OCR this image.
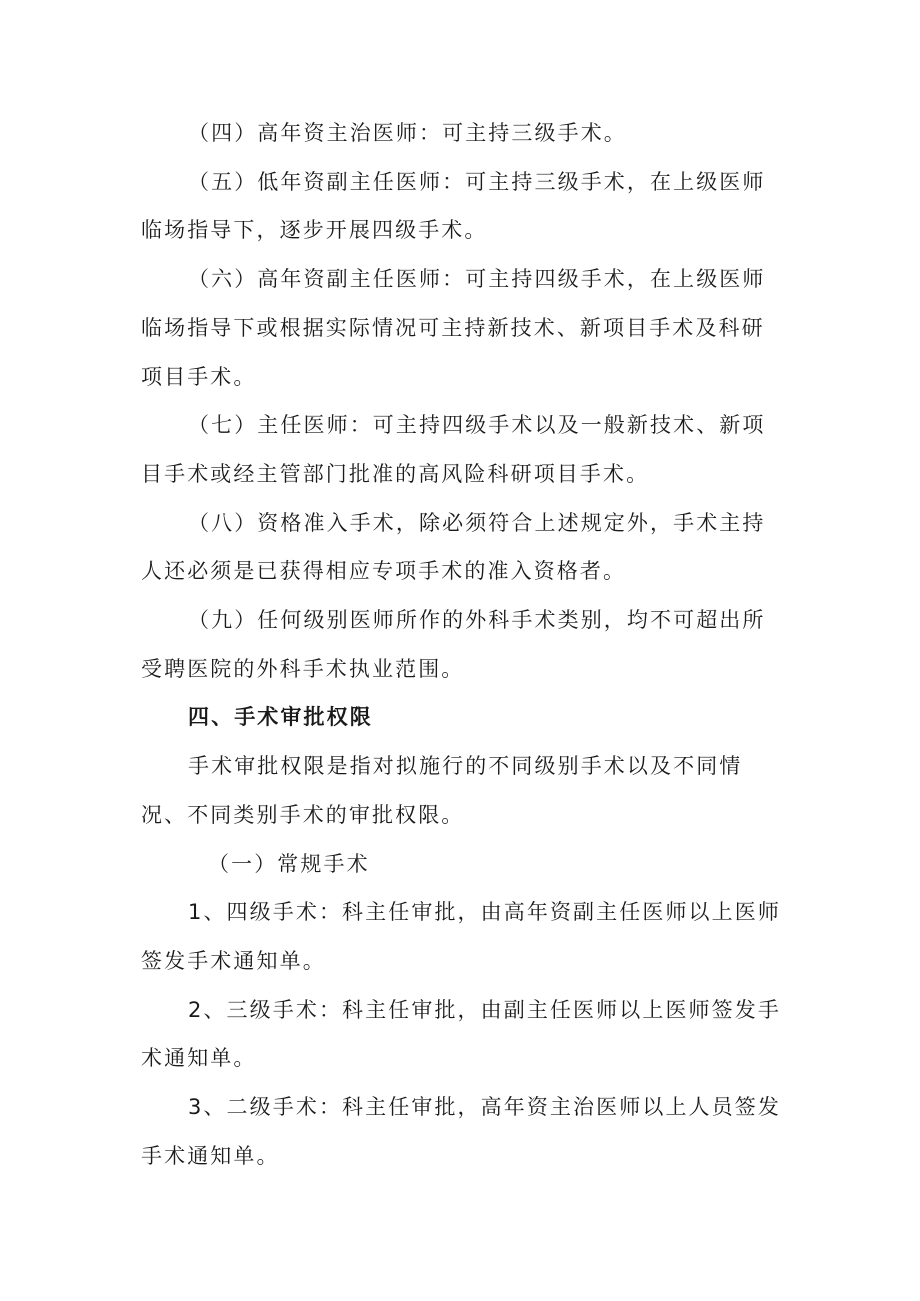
（四）高年资主治医师：可主持三级手术。

（五）低年资副主任医师：可主持三级手术，在上级医师临场指导下，逐步开展四级手术。

（六）高年资副主任医师：可主持四级手术，在上级医师临场指导下或根据实际情况可主持新技术、新项目手术及科研项目手术。

（七）主任医师：可主持四级手术以及一般新技术、新项目手术或经主管部门批准的高风险科研项目手术。

（八）资格准入手术，除必须符合上述规定外，手术主持人还必须是已获得相应专项手术的准入资格者。

（九）任何级别医师所作的外科手术类别，均不可超出所受聘医院的外科手术执业范围。

四、手术审批权限

手术审批权限是指对拟施行的不同级别手术以及不同情况、不同类别手术的审批权限。

（一）常规手术

1、四级手术：科主任审批，由高年资副主任医师以上医师签发手术通知单。

2、三级手术：科主任审批，由副主任医师以上医师签发手术通知单。

3、二级手术：科主任审批，高年资主治医师以上人员签发手术通知单。
